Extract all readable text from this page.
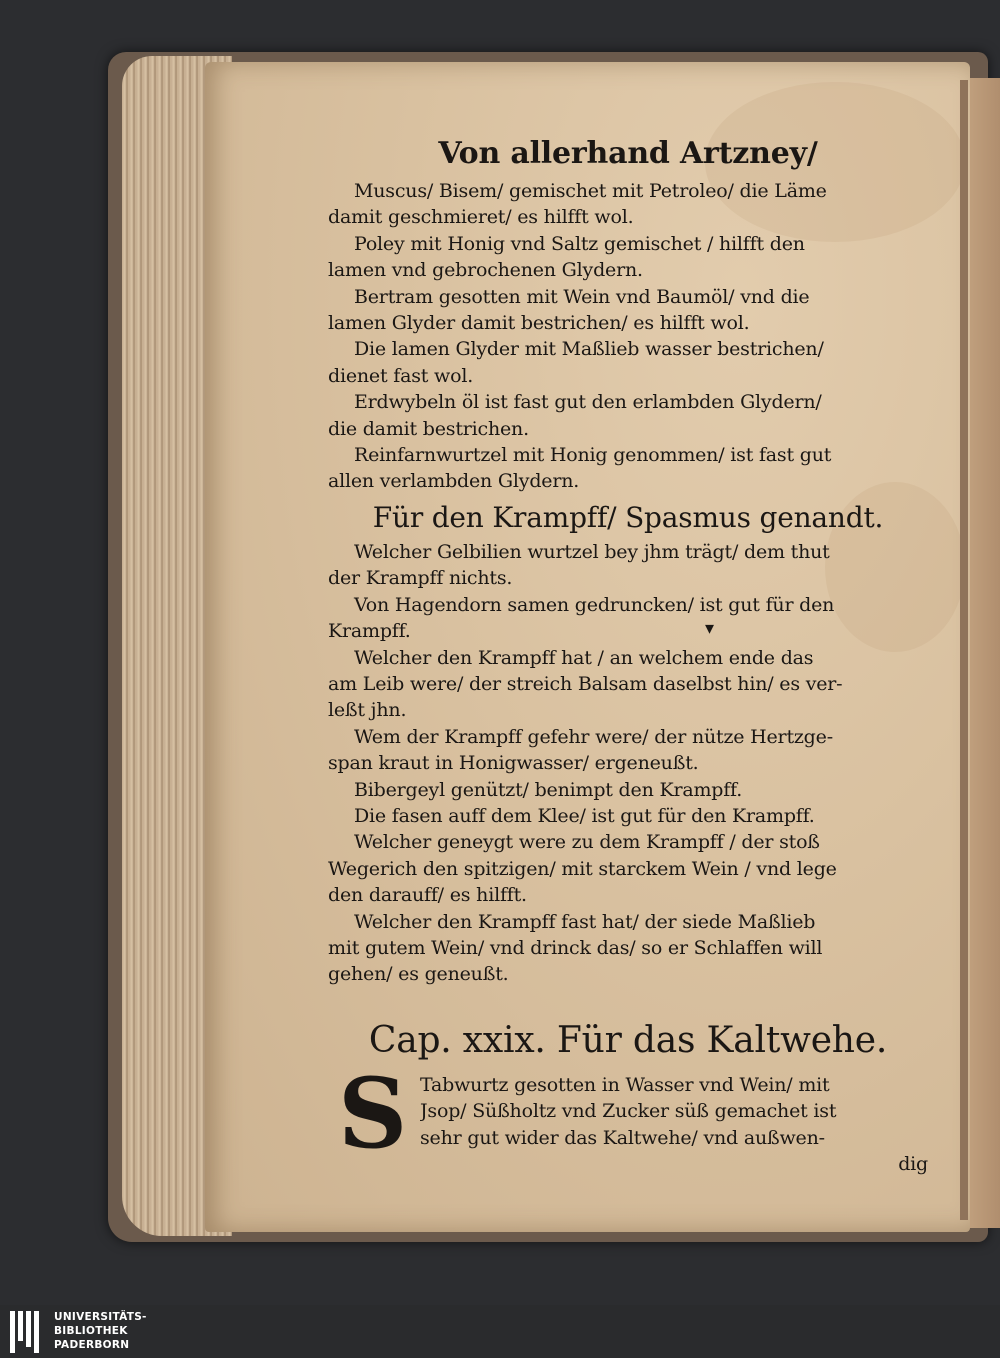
▾
Von allerhand Artzney/
Muscus/ Bisem/ gemischet mit Petroleo/ die Läme
damit geschmieret/ es hilfft wol.
Poley mit Honig vnd Saltz gemischet / hilfft den
lamen vnd gebrochenen Glydern.
Bertram gesotten mit Wein vnd Baumöl/ vnd die
lamen Glyder damit bestrichen/ es hilfft wol.
Die lamen Glyder mit Maßlieb wasser bestrichen/
dienet fast wol.
Erdwybeln öl ist fast gut den erlambden Glydern/
die damit bestrichen.
Reinfarnwurtzel mit Honig genommen/ ist fast gut
allen verlambden Glydern.
Für den Krampff/ Spasmus genandt.
Welcher Gelbilien wurtzel bey jhm trägt/ dem thut
der Krampff nichts.
Von Hagendorn samen gedruncken/ ist gut für den
Krampff.
Welcher den Krampff hat / an welchem ende das
am Leib were/ der streich Balsam daselbst hin/ es ver-
leßt jhn.
Wem der Krampff gefehr were/ der nütze Hertzge-
span kraut in Honigwasser/ ergeneußt.
Bibergeyl genützt/ benimpt den Krampff.
Die fasen auff dem Klee/ ist gut für den Krampff.
Welcher geneygt were zu dem Krampff / der stoß
Wegerich den spitzigen/ mit starckem Wein / vnd lege
den darauff/ es hilfft.
Welcher den Krampff fast hat/ der siede Maßlieb
mit gutem Wein/ vnd drinck das/ so er Schlaffen will
gehen/ es geneußt.
Cap. xxix. Für das Kaltwehe.
S Tabwurtz gesotten in Wasser vnd Wein/ mit
Jsop/ Süßholtz vnd Zucker süß gemachet ist
sehr gut wider das Kaltwehe/ vnd außwen-
dig
UNIVERSITÄTS-
BIBLIOTHEK
PADERBORN
